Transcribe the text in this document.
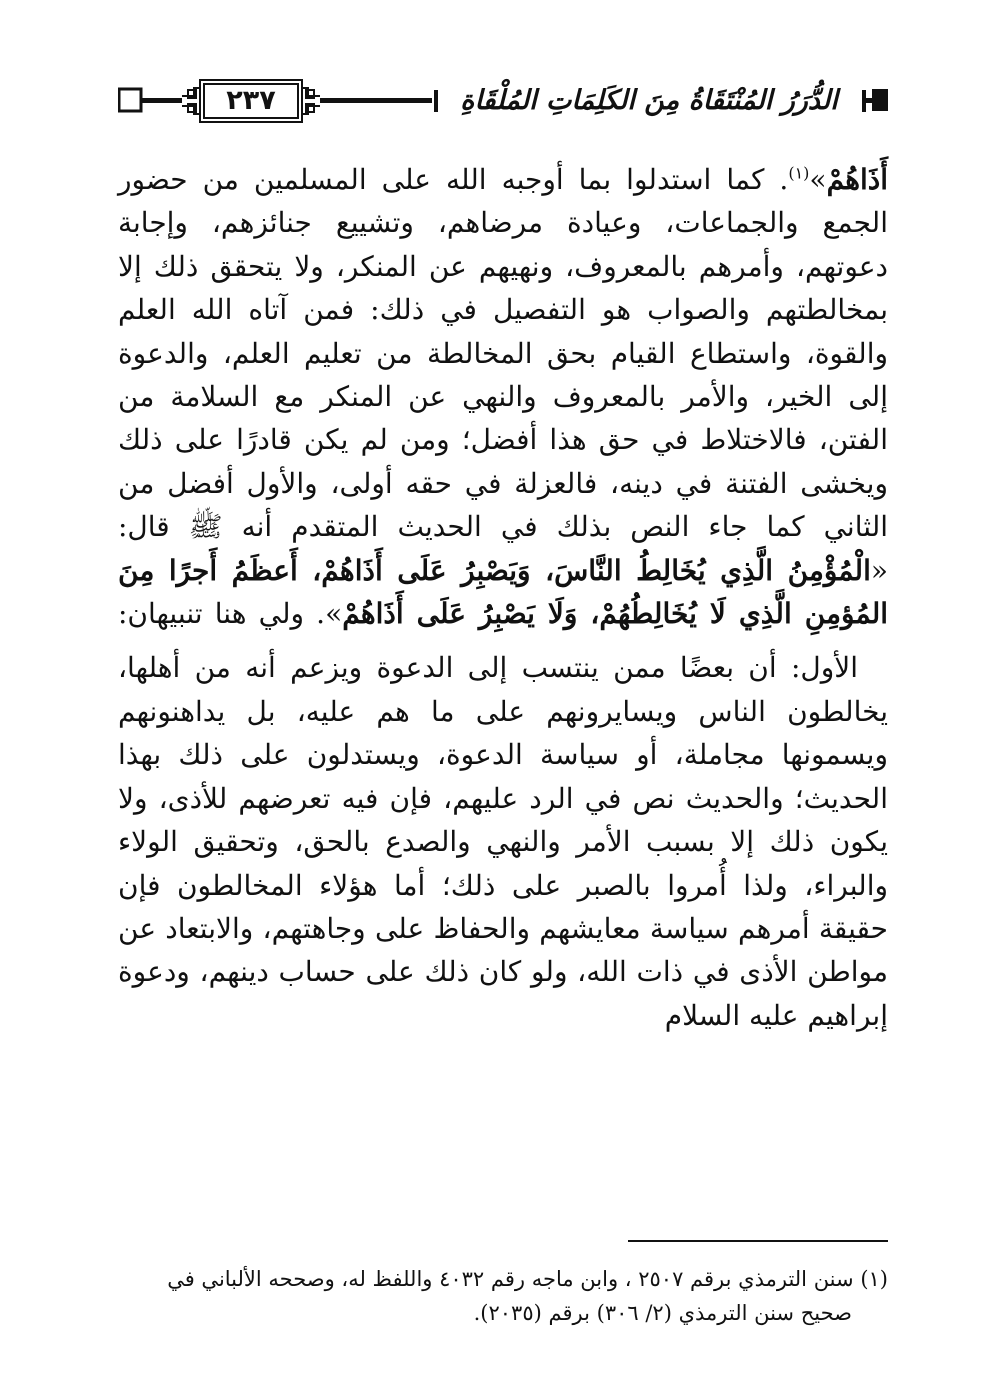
٢٣٧	الدُّرَرُ المُنْتَقَاةُ مِنَ الكَلِمَاتِ المُلْقَاةِ

أَذَاهُمْ»$^{(١)}$. كما استدلوا بما أوجبه الله على المسلمين من حضور الجمع والجماعات، وعيادة مرضاهم، وتشييع جنائزهم، وإجابة دعوتهم، وأمرهم بالمعروف، ونهيهم عن المنكر، ولا يتحقق ذلك إلا بمخالطتهم والصواب هو التفصيل في ذلك: فمن آتاه الله العلم والقوة، واستطاع القيام بحق المخالطة من تعليم العلم، والدعوة إلى الخير، والأمر بالمعروف والنهي عن المنكر مع السلامة من الفتن، فالاختلاط في حق هذا أفضل؛ ومن لم يكن قادرًا على ذلك ويخشى الفتنة في دينه، فالعزلة في حقه أولى، والأول أفضل من الثاني كما جاء النص بذلك في الحديث المتقدم أنه ﷺ قال: «الْمُؤْمِنُ الَّذِي يُخَالِطُ النَّاسَ، وَيَصْبِرُ عَلَى أَذَاهُمْ، أَعظَمُ أَجرًا مِنَ المُؤمِنِ الَّذِي لَا يُخَالِطُهُمْ، وَلَا يَصْبِرُ عَلَى أَذَاهُمْ». ولي هنا تنبيهان:

الأول: أن بعضًا ممن ينتسب إلى الدعوة ويزعم أنه من أهلها، يخالطون الناس ويسايرونهم على ما هم عليه، بل يداهنونهم ويسمونها مجاملة، أو سياسة الدعوة، ويستدلون على ذلك بهذا الحديث؛ والحديث نص في الرد عليهم، فإن فيه تعرضهم للأذى، ولا يكون ذلك إلا بسبب الأمر والنهي والصدع بالحق، وتحقيق الولاء والبراء، ولذا أُمروا بالصبر على ذلك؛ أما هؤلاء المخالطون فإن حقيقة أمرهم سياسة معايشهم والحفاظ على وجاهتهم، والابتعاد عن مواطن الأذى في ذات الله، ولو كان ذلك على حساب دينهم، ودعوة إبراهيم عليه السلام

(١) سنن الترمذي برقم ٢٥٠٧ ، وابن ماجه رقم ٤٠٣٢ واللفظ له، وصححه الألباني في
صحيح سنن الترمذي (٢/ ٣٠٦) برقم (٢٠٣٥).
